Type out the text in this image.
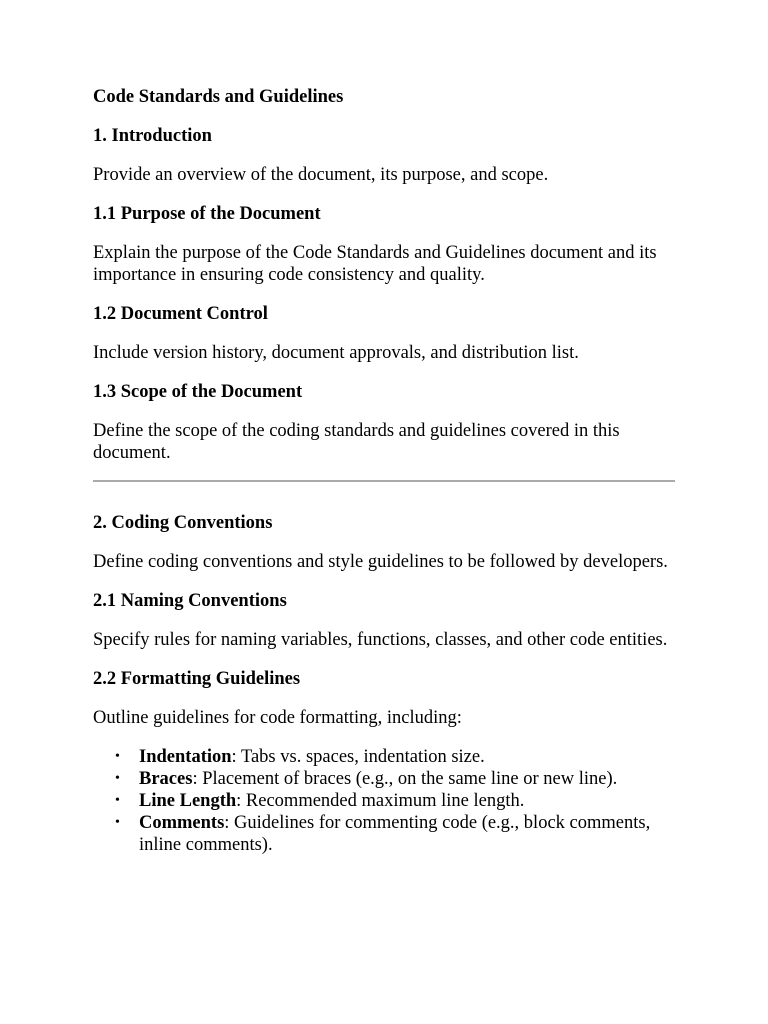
Code Standards and Guidelines
1. Introduction

Provide an overview of the document, its purpose, and scope.

1.1 Purpose of the Document

Explain the purpose of the Code Standards and Guidelines document and its importance in ensuring code consistency and quality.

1.2 Document Control

Include version history, document approvals, and distribution list.

1.3 Scope of the Document

Define the scope of the coding standards and guidelines covered in this document.

2. Coding Conventions

Define coding conventions and style guidelines to be followed by developers.

2.1 Naming Conventions

Specify rules for naming variables, functions, classes, and other code entities.

2.2 Formatting Guidelines

Outline guidelines for code formatting, including:

• Indentation: Tabs vs. spaces, indentation size.
• Braces: Placement of braces (e.g., on the same line or new line).
• Line Length: Recommended maximum line length.
• Comments: Guidelines for commenting code (e.g., block comments, inline comments).
